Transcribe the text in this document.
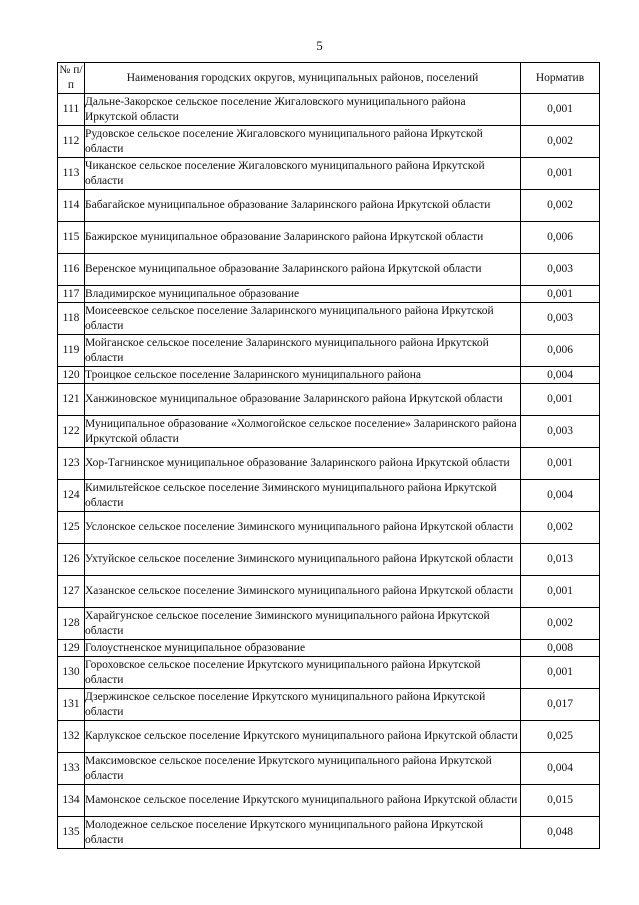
5
№ п/п	Наименования городских округов, муниципальных районов, поселений	Норматив
111	Дальне-Закорское сельское поселение Жигаловского муниципального района Иркутской области	0,001
112	Рудовское сельское поселение Жигаловского муниципального района Иркутской области	0,002
113	Чиканское сельское поселение Жигаловского муниципального района Иркутской области	0,001
114	Бабагайское муниципальное образование Заларинского района Иркутской области	0,002
115	Бажирское муниципальное образование Заларинского района Иркутской области	0,006
116	Веренское муниципальное образование Заларинского района Иркутской области	0,003
117	Владимирское муниципальное образование	0,001
118	Моисеевское сельское поселение Заларинского муниципального района Иркутской области	0,003
119	Мойганское сельское поселение Заларинского муниципального района Иркутской области	0,006
120	Троицкое сельское поселение Заларинского муниципального района	0,004
121	Ханжиновское муниципальное образование Заларинского района Иркутской области	0,001
122	Муниципальное образование «Холмогойское сельское поселение» Заларинского района Иркутской области	0,003
123	Хор-Тагнинское муниципальное образование Заларинского района Иркутской области	0,001
124	Кимильтейское сельское поселение Зиминского муниципального района Иркутской области	0,004
125	Услонское сельское поселение Зиминского муниципального района Иркутской области	0,002
126	Ухтуйское сельское поселение Зиминского муниципального района Иркутской области	0,013
127	Хазанское сельское поселение Зиминского муниципального района Иркутской области	0,001
128	Харайгунское сельское поселение Зиминского муниципального района Иркутской области	0,002
129	Голоустненское муниципальное образование	0,008
130	Гороховское сельское поселение Иркутского муниципального района Иркутской области	0,001
131	Дзержинское сельское поселение Иркутского муниципального района Иркутской области	0,017
132	Карлукское сельское поселение Иркутского муниципального района Иркутской области	0,025
133	Максимовское сельское поселение Иркутского муниципального района Иркутской области	0,004
134	Мамонское сельское поселение Иркутского муниципального района Иркутской области	0,015
135	Молодежное сельское поселение Иркутского муниципального района Иркутской области	0,048
